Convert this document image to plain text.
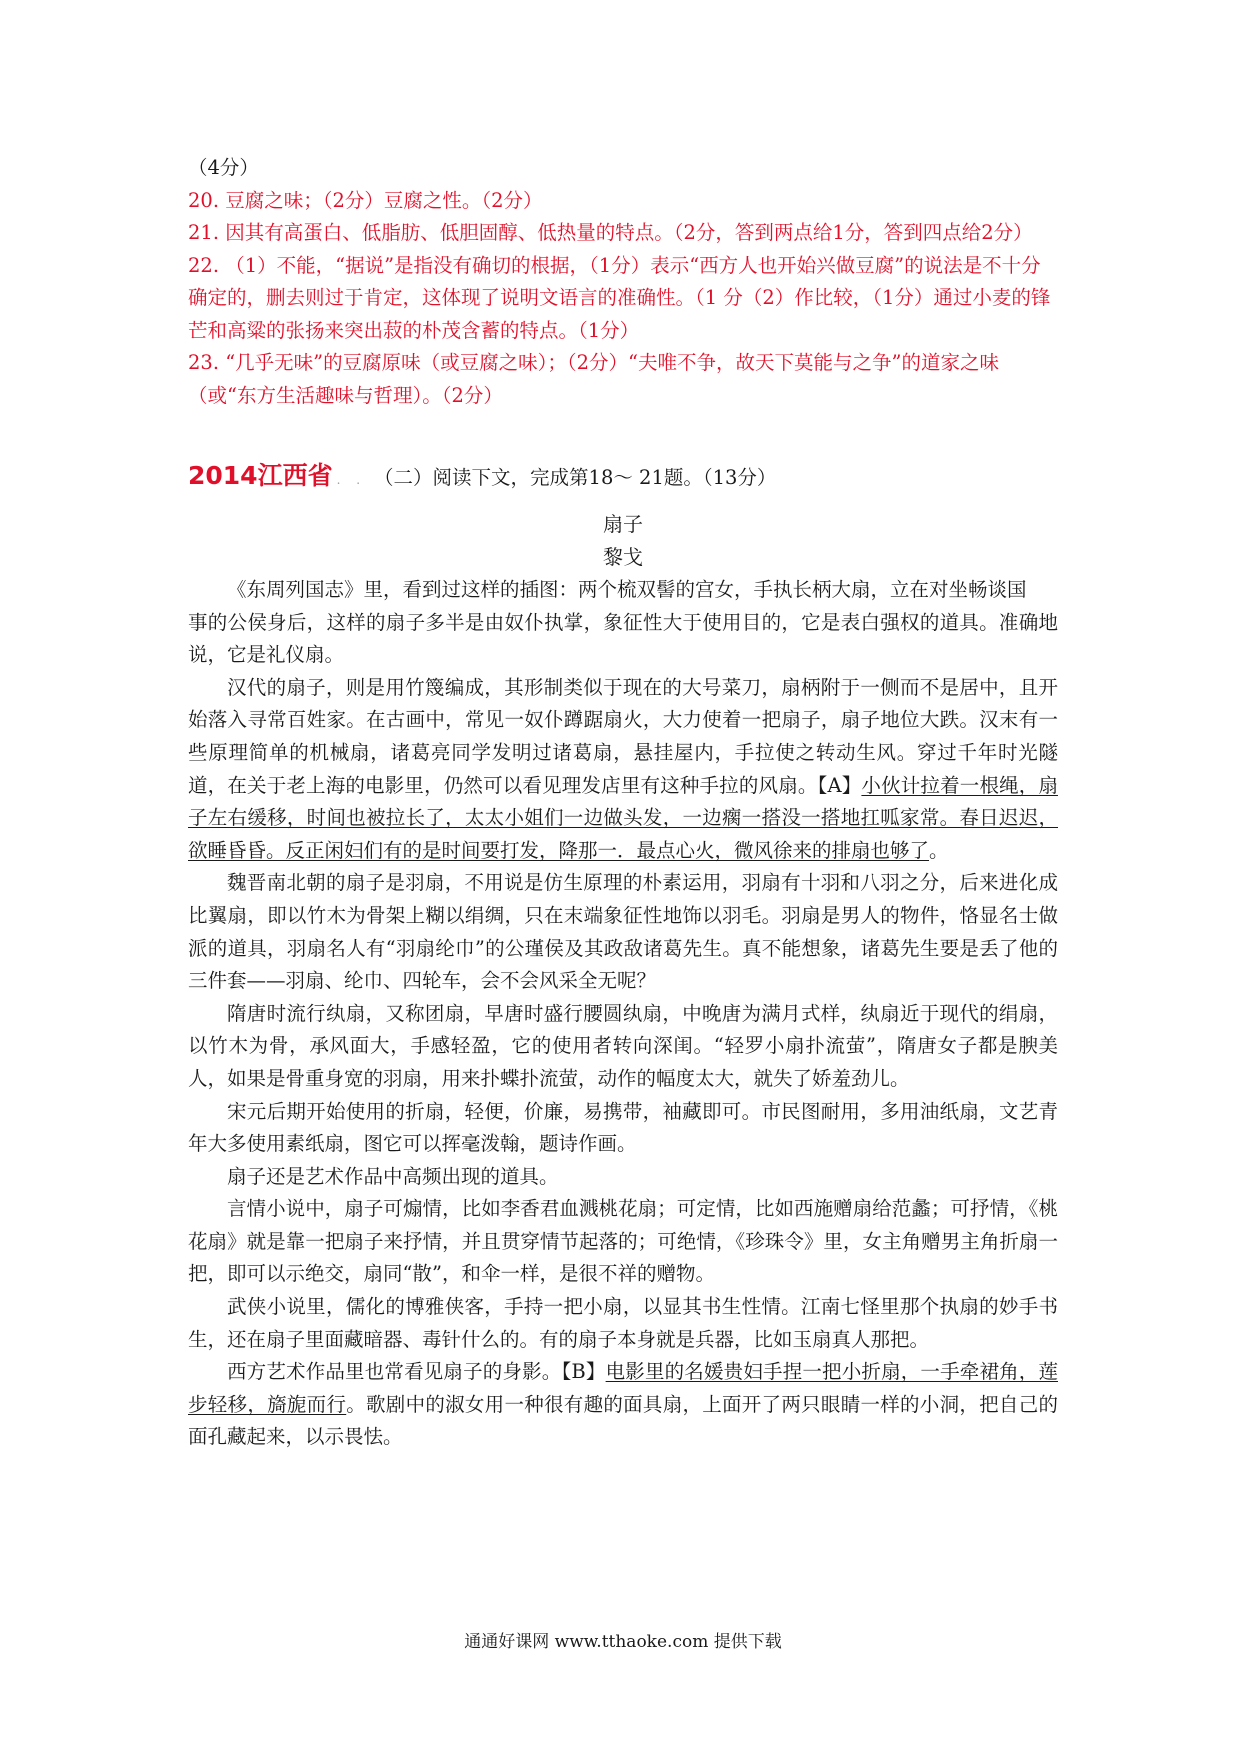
（4分）

20. 豆腐之味；（2分）豆腐之性。（2分）

21. 因其有高蛋白、低脂肪、低胆固醇、低热量的特点。（2分，答到两点给1分，答到四点给2分）

22. （1）不能，“据说”是指没有确切的根据，（1分）表示“西方人也开始兴做豆腐”的说法是不十分确定的，删去则过于肯定，这体现了说明文语言的准确性。（1 分（2）作比较，（1分）通过小麦的锋芒和高粱的张扬来突出菽的朴茂含蓄的特点。（1分）

23. “几乎无味”的豆腐原味（或豆腐之味）；（2分）“夫唯不争，故天下莫能与之争”的道家之味（或“东方生活趣味与哲理）。（2分）

2014江西省 . . （二）阅读下文，完成第18～ 21题。（13分）
扇子
黎戈

《东周列国志》里，看到过这样的插图：两个梳双髻的宫女，手执长柄大扇，立在对坐畅谈国

事的公侯身后，这样的扇子多半是由奴仆执掌，象征性大于使用目的，它是表白强权的道具。准确地说，它是礼仪扇。

汉代的扇子，则是用竹篾编成，其形制类似于现在的大号菜刀，扇柄附于一侧而不是居中，且开始落入寻常百姓家。在古画中，常见一奴仆蹲踞扇火，大力使着一把扇子，扇子地位大跌。汉末有一些原理简单的机械扇，诸葛亮同学发明过诸葛扇，悬挂屋内，手拉使之转动生风。穿过千年时光隧道，在关于老上海的电影里，仍然可以看见理发店里有这种手拉的风扇。【A】小伙计拉着一根绳，扇子左右缓移，时间也被拉长了，太太小姐们一边做头发，一边瘸一搭没一搭地扛呱家常。春日迟迟，欲睡昏昏。反正闲妇们有的是时间要打发，降那一．最点心火，微风徐来的排扇也够了。

魏晋南北朝的扇子是羽扇，不用说是仿生原理的朴素运用，羽扇有十羽和八羽之分，后来进化成比翼扇，即以竹木为骨架上糊以绢绸，只在末端象征性地饰以羽毛。羽扇是男人的物件，恪显名士做派的道具，羽扇名人有“羽扇纶巾”的公瑾侯及其政敌诸葛先生。真不能想象，诸葛先生要是丢了他的三件套——羽扇、纶巾、四轮车，会不会风采全无呢？

隋唐时流行纨扇，又称团扇，早唐时盛行腰圆纨扇，中晚唐为满月式样，纨扇近于现代的绢扇，以竹木为骨，承风面大，手感轻盈，它的使用者转向深闺。“轻罗小扇扑流萤”，隋唐女子都是腴美人，如果是骨重身宽的羽扇，用来扑蝶扑流萤，动作的幅度太大，就失了娇羞劲儿。

宋元后期开始使用的折扇，轻便，价廉，易携带，袖藏即可。市民图耐用，多用油纸扇，文艺青年大多使用素纸扇，图它可以挥毫泼翰，题诗作画。

扇子还是艺术作品中高频出现的道具。

言情小说中，扇子可煽情，比如李香君血溅桃花扇；可定情，比如西施赠扇给范蠡；可抒情，《桃花扇》就是靠一把扇子来抒情，并且贯穿情节起落的；可绝情，《珍珠令》里，女主角赠男主角折扇一把，即可以示绝交，扇同“散”，和伞一样，是很不祥的赠物。

武侠小说里，儒化的博雅侠客，手持一把小扇，以显其书生性情。江南七怪里那个执扇的妙手书生，还在扇子里面藏暗器、毒针什么的。有的扇子本身就是兵器，比如玉扇真人那把。

西方艺术作品里也常看见扇子的身影。【B】电影里的名媛贵妇手捏一把小折扇，一手牵裙角，莲步轻移，旖旎而行。歌剧中的淑女用一种很有趣的面具扇，上面开了两只眼睛一样的小洞，把自己的面孔藏起来，以示畏怯。

通通好课网 www.tthaoke.com 提供下载
